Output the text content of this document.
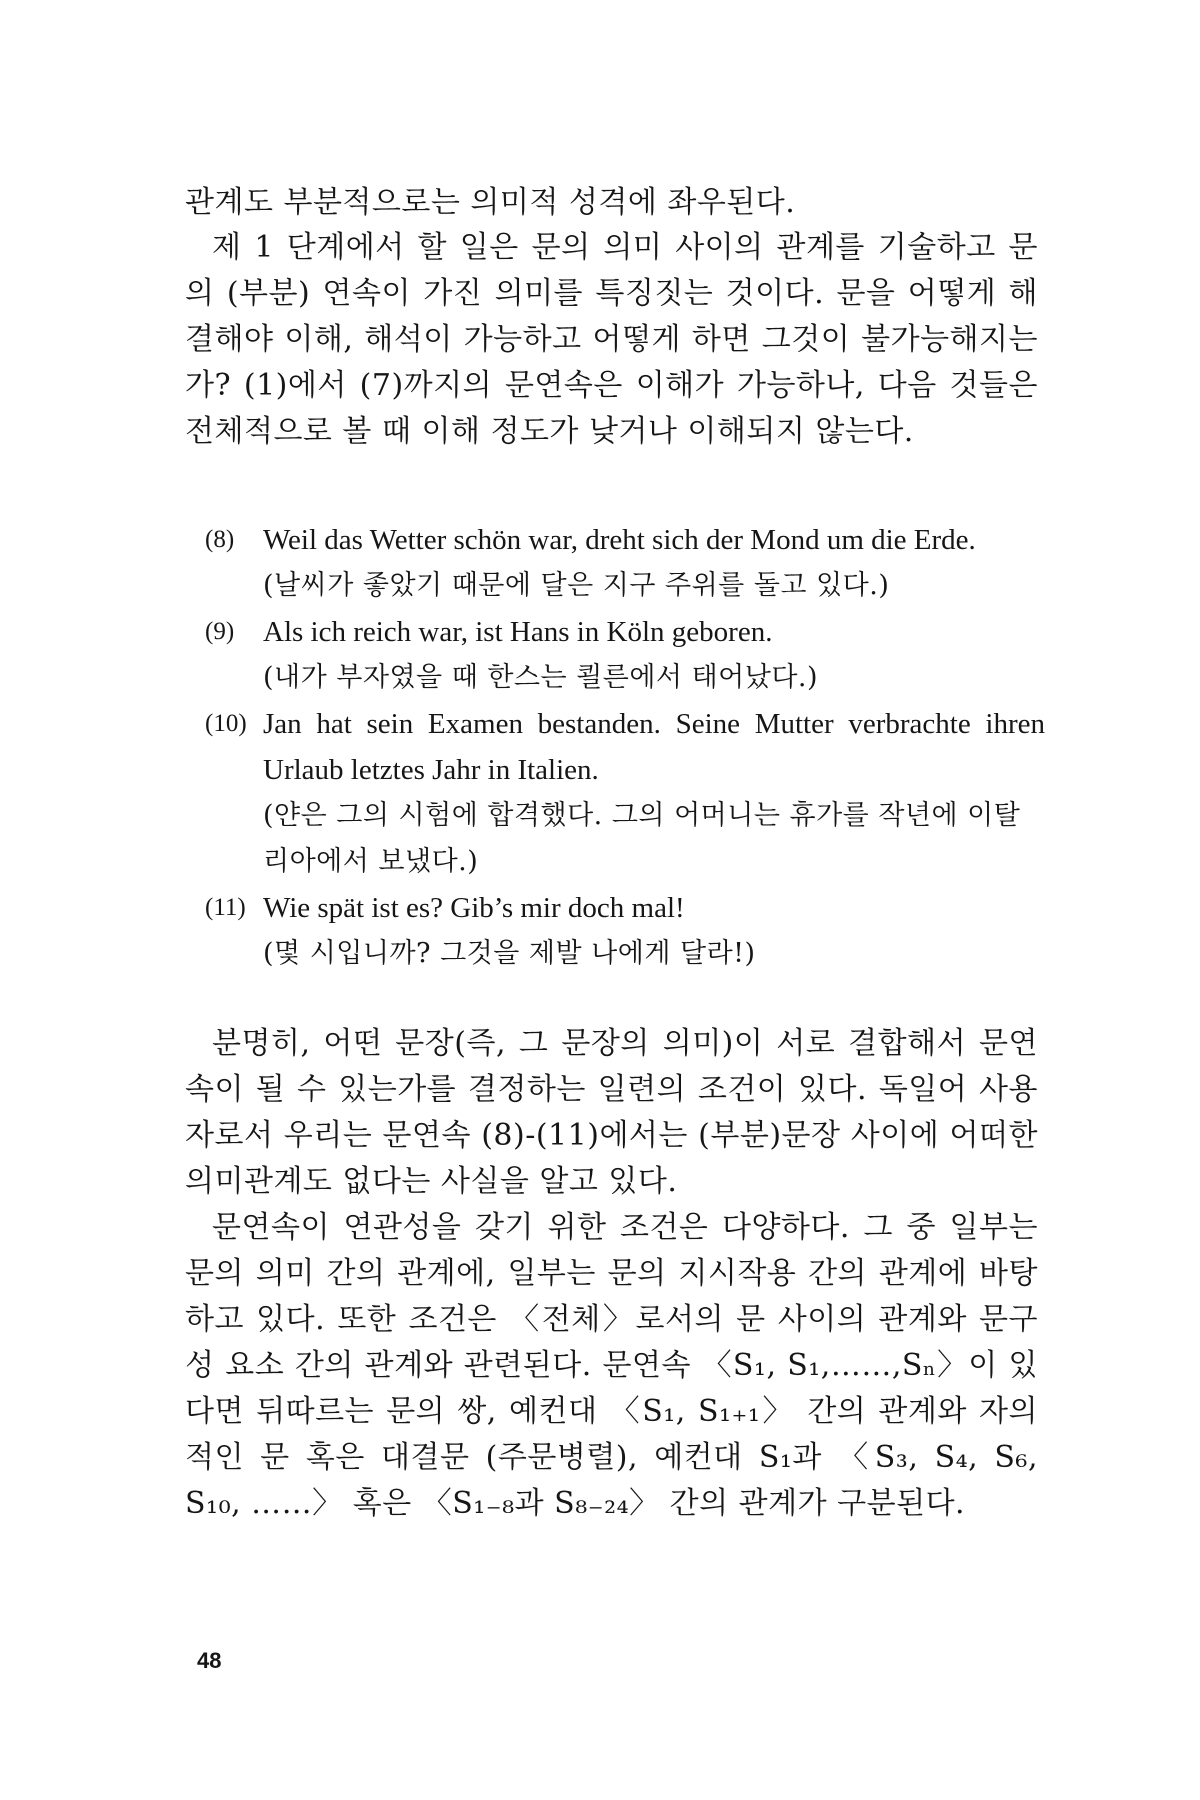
관계도 부분적으로는 의미적 성격에 좌우된다.

제 1 단계에서 할 일은 문의 의미 사이의 관계를 기술하고 문의 (부분) 연속이 가진 의미를 특징짓는 것이다. 문을 어떻게 해결해야 이해, 해석이 가능하고 어떻게 하면 그것이 불가능해지는가? (1)에서 (7)까지의 문연속은 이해가 가능하나, 다음 것들은 전체적으로 볼 때 이해 정도가 낮거나 이해되지 않는다.

(8) Weil das Wetter schön war, dreht sich der Mond um die Erde.

(날씨가 좋았기 때문에 달은 지구 주위를 돌고 있다.)

(9) Als ich reich war, ist Hans in Köln geboren.

(내가 부자였을 때 한스는 쾰른에서 태어났다.)

(10) Jan hat sein Examen bestanden. Seine Mutter verbrachte ihren Urlaub letztes Jahr in Italien.

(얀은 그의 시험에 합격했다. 그의 어머니는 휴가를 작년에 이탈리아에서 보냈다.)

(11) Wie spät ist es? Gib’s mir doch mal!

(몇 시입니까? 그것을 제발 나에게 달라!)

분명히, 어떤 문장(즉, 그 문장의 의미)이 서로 결합해서 문연속이 될 수 있는가를 결정하는 일련의 조건이 있다. 독일어 사용자로서 우리는 문연속 (8)-(11)에서는 (부분)문장 사이에 어떠한 의미관계도 없다는 사실을 알고 있다.

문연속이 연관성을 갖기 위한 조건은 다양하다. 그 중 일부는 문의 의미 간의 관계에, 일부는 문의 지시작용 간의 관계에 바탕하고 있다. 또한 조건은 〈전체〉로서의 문 사이의 관계와 문구성 요소 간의 관계와 관련된다. 문연속 〈S₁, S₁,……,Sₙ〉이 있다면 뒤따르는 문의 쌍, 예컨대 〈S₁, S₁₊₁〉 간의 관계와 자의적인 문 혹은 대결문 (주문병렬), 예컨대 S₁과 〈S₃, S₄, S₆, S₁₀, ……〉 혹은 〈S₁₋₈과 S₈₋₂₄〉 간의 관계가 구분된다.

48
